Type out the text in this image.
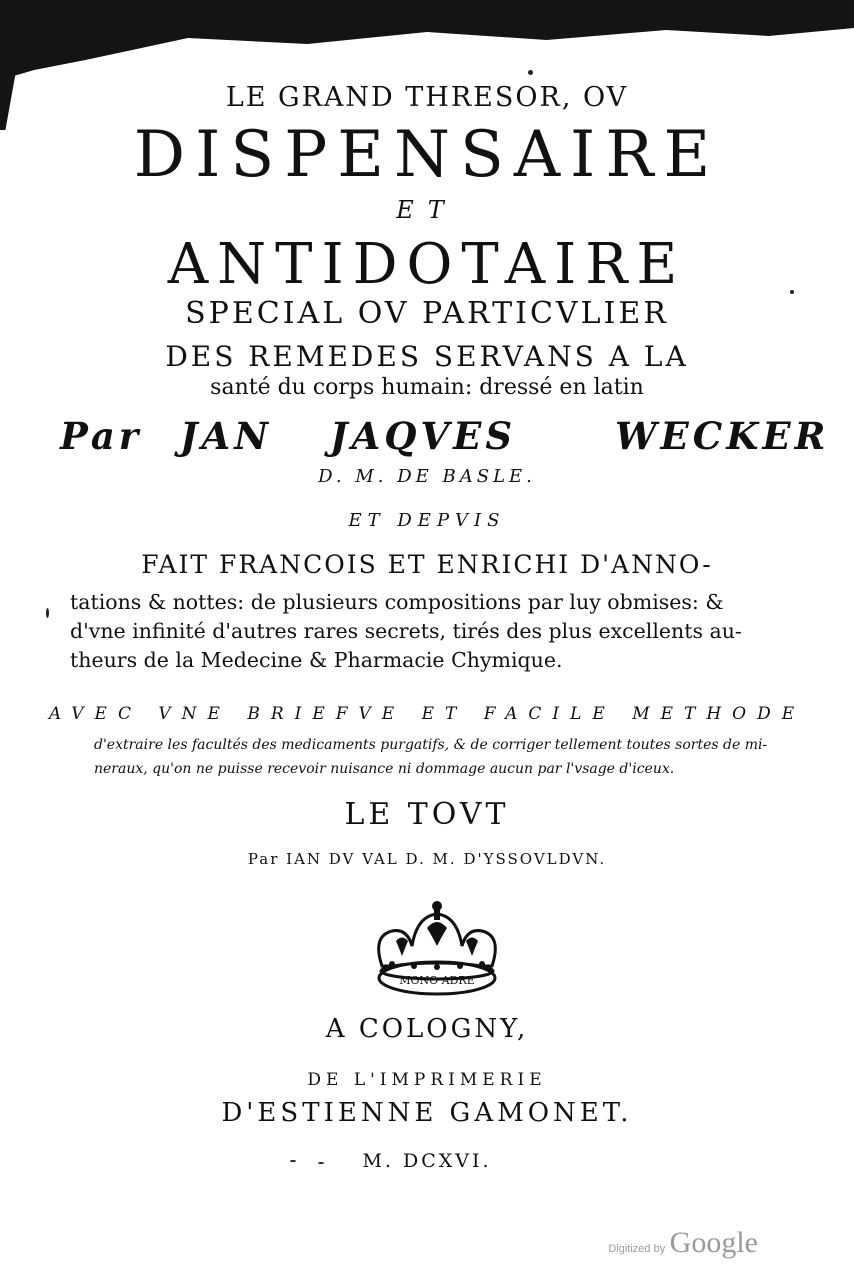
LE GRAND THRESOR, OV
DISPENSAIRE
ET
ANTIDOTAIRE
SPECIAL OV PARTICVLIER
DES REMEDES SERVANS A LA
santé du corps humain: dressé en latin
Par JAN JAQVES	WECKER
D. M. DE BASLE.
ET DEPVIS
FAIT FRANCOIS ET ENRICHI D'ANNO-
tations & nottes: de plusieurs compositions par luy obmises: &
d'vne infinité d'autres rares secrets, tirés des plus excellents au-
theurs de la Medecine & Pharmacie Chymique.
AVEC VNE BRIEFVE ET FACILE METHODE
d'extraire les facultés des medicaments purgatifs, & de corriger tellement toutes sortes de mi-
neraux, qu'on ne puisse recevoir nuisance ni dommage aucun par l'vsage d'iceux.
LE TOVT
Par IAN DV VAL D. M. D'YSSOVLDVN.
MONO ADRE
A COLOGNY,
DE L'IMPRIMERIE
D'ESTIENNE GAMONET.
M. DCXVI.
Digitized by Google
